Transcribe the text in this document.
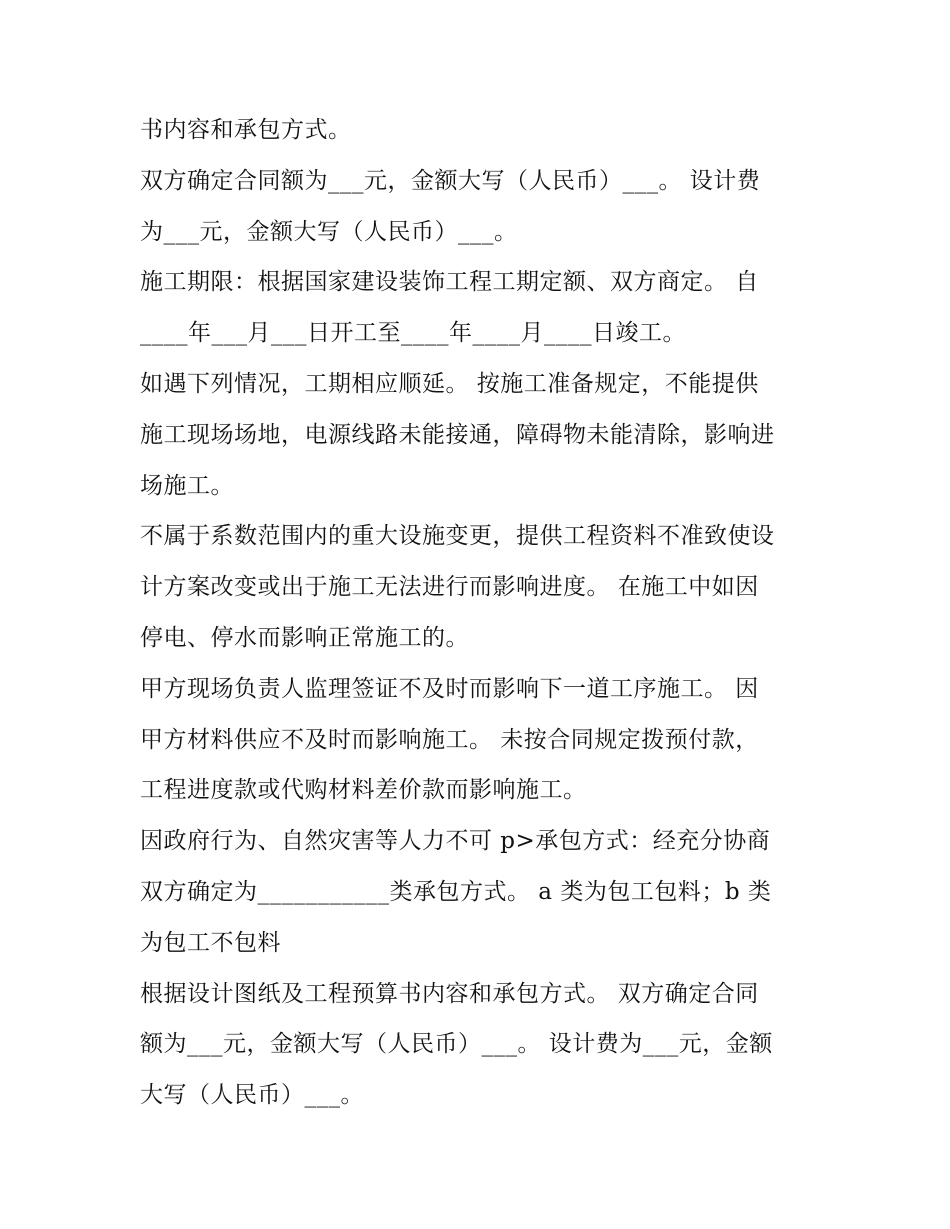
书内容和承包方式。
双方确定合同额为___元，金额大写（人民币）___。 设计费
为___元，金额大写（人民币）___。
施工期限：根据国家建设装饰工程工期定额、双方商定。 自
____年___月___日开工至____年____月____日竣工。
如遇下列情况，工期相应顺延。 按施工准备规定，不能提供
施工现场场地，电源线路未能接通，障碍物未能清除，影响进
场施工。
不属于系数范围内的重大设施变更，提供工程资料不准致使设
计方案改变或出于施工无法进行而影响进度。 在施工中如因
停电、停水而影响正常施工的。
甲方现场负责人监理签证不及时而影响下一道工序施工。 因
甲方材料供应不及时而影响施工。 未按合同规定拨预付款，
工程进度款或代购材料差价款而影响施工。
因政府行为、自然灾害等人力不可 p>承包方式：经充分协商
双方确定为___________类承包方式。 a 类为包工包料；b 类
为包工不包料
根据设计图纸及工程预算书内容和承包方式。 双方确定合同
额为___元，金额大写（人民币）___。 设计费为___元，金额
大写（人民币）___。
